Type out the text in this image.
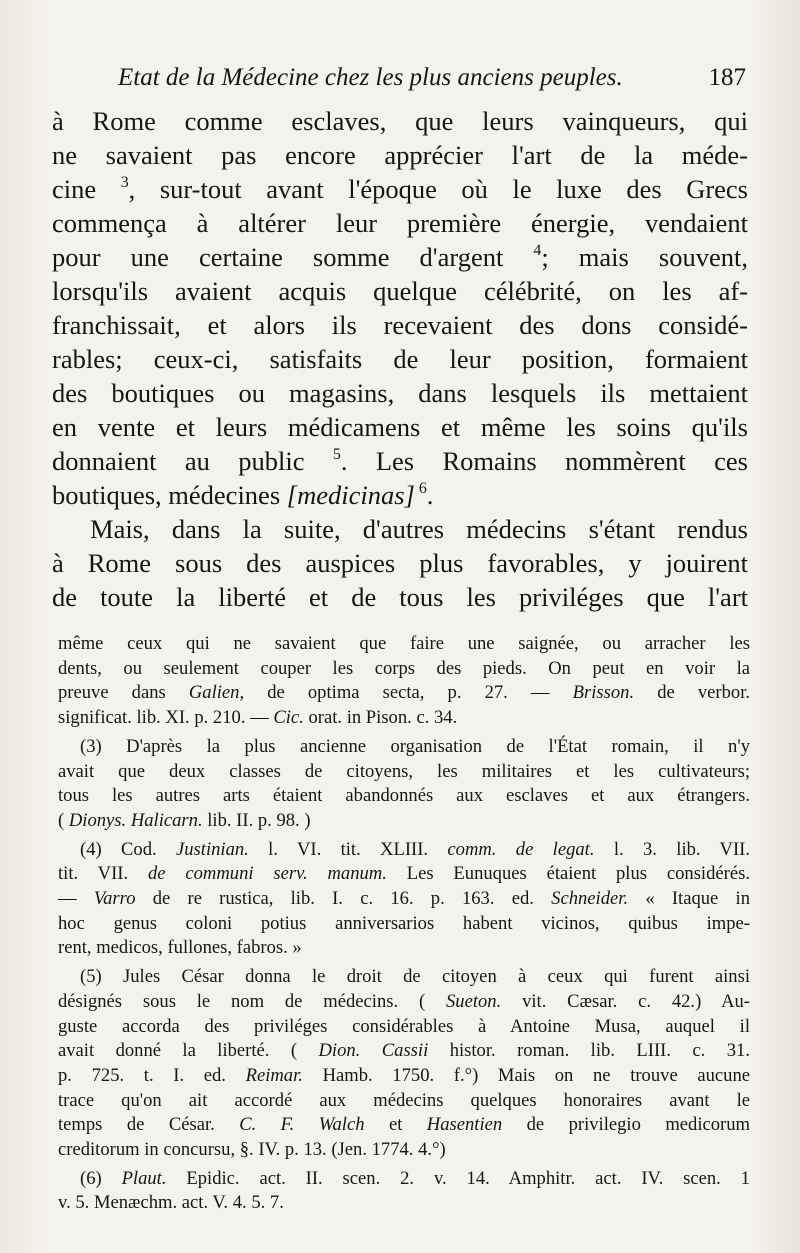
Etat de la Médecine chez les plus anciens peuples.	187
à Rome comme esclaves, que leurs vainqueurs, qui
ne savaient pas encore apprécier l'art de la méde-
cine $^3$, sur-tout avant l'époque où le luxe des Grecs
commença à altérer leur première énergie, vendaient
pour une certaine somme d'argent $^4$; mais souvent,
lorsqu'ils avaient acquis quelque célébrité, on les af-
franchissait, et alors ils recevaient des dons considé-
rables; ceux-ci, satisfaits de leur position, formaient
des boutiques ou magasins, dans lesquels ils mettaient
en vente et leurs médicamens et même les soins qu'ils
donnaient au public $^5$. Les Romains nommèrent ces
boutiques, médecines [medicinas] $^6$.
Mais, dans la suite, d'autres médecins s'étant rendus
à Rome sous des auspices plus favorables, y jouirent
de toute la liberté et de tous les priviléges que l'art
même ceux qui ne savaient que faire une saignée, ou arracher les
dents, ou seulement couper les corps des pieds. On peut en voir la
preuve dans Galien, de optima secta, p. 27. — Brisson. de verbor.
significat. lib. XI. p. 210. — Cic. orat. in Pison. c. 34.
(3) D'après la plus ancienne organisation de l'État romain, il n'y
avait que deux classes de citoyens, les militaires et les cultivateurs;
tous les autres arts étaient abandonnés aux esclaves et aux étrangers.
( Dionys. Halicarn. lib. II. p. 98. )
(4) Cod. Justinian. l. VI. tit. XLIII. comm. de legat. l. 3. lib. VII.
tit. VII. de communi serv. manum. Les Eunuques étaient plus considérés.
— Varro de re rustica, lib. I. c. 16. p. 163. ed. Schneider. « Itaque in
hoc genus coloni potius anniversarios habent vicinos, quibus impe-
rent, medicos, fullones, fabros. »
(5) Jules César donna le droit de citoyen à ceux qui furent ainsi
désignés sous le nom de médecins. ( Sueton. vit. Cæsar. c. 42.) Au-
guste accorda des priviléges considérables à Antoine Musa, auquel il
avait donné la liberté. ( Dion. Cassii histor. roman. lib. LIII. c. 31.
p. 725. t. I. ed. Reimar. Hamb. 1750. f.°) Mais on ne trouve aucune
trace qu'on ait accordé aux médecins quelques honoraires avant le
temps de César. C. F. Walch et Hasentien de privilegio medicorum
creditorum in concursu, §. IV. p. 13. (Jen. 1774. 4.°)
(6) Plaut. Epidic. act. II. scen. 2. v. 14. Amphitr. act. IV. scen. 1
v. 5. Menæchm. act. V. 4. 5. 7.
